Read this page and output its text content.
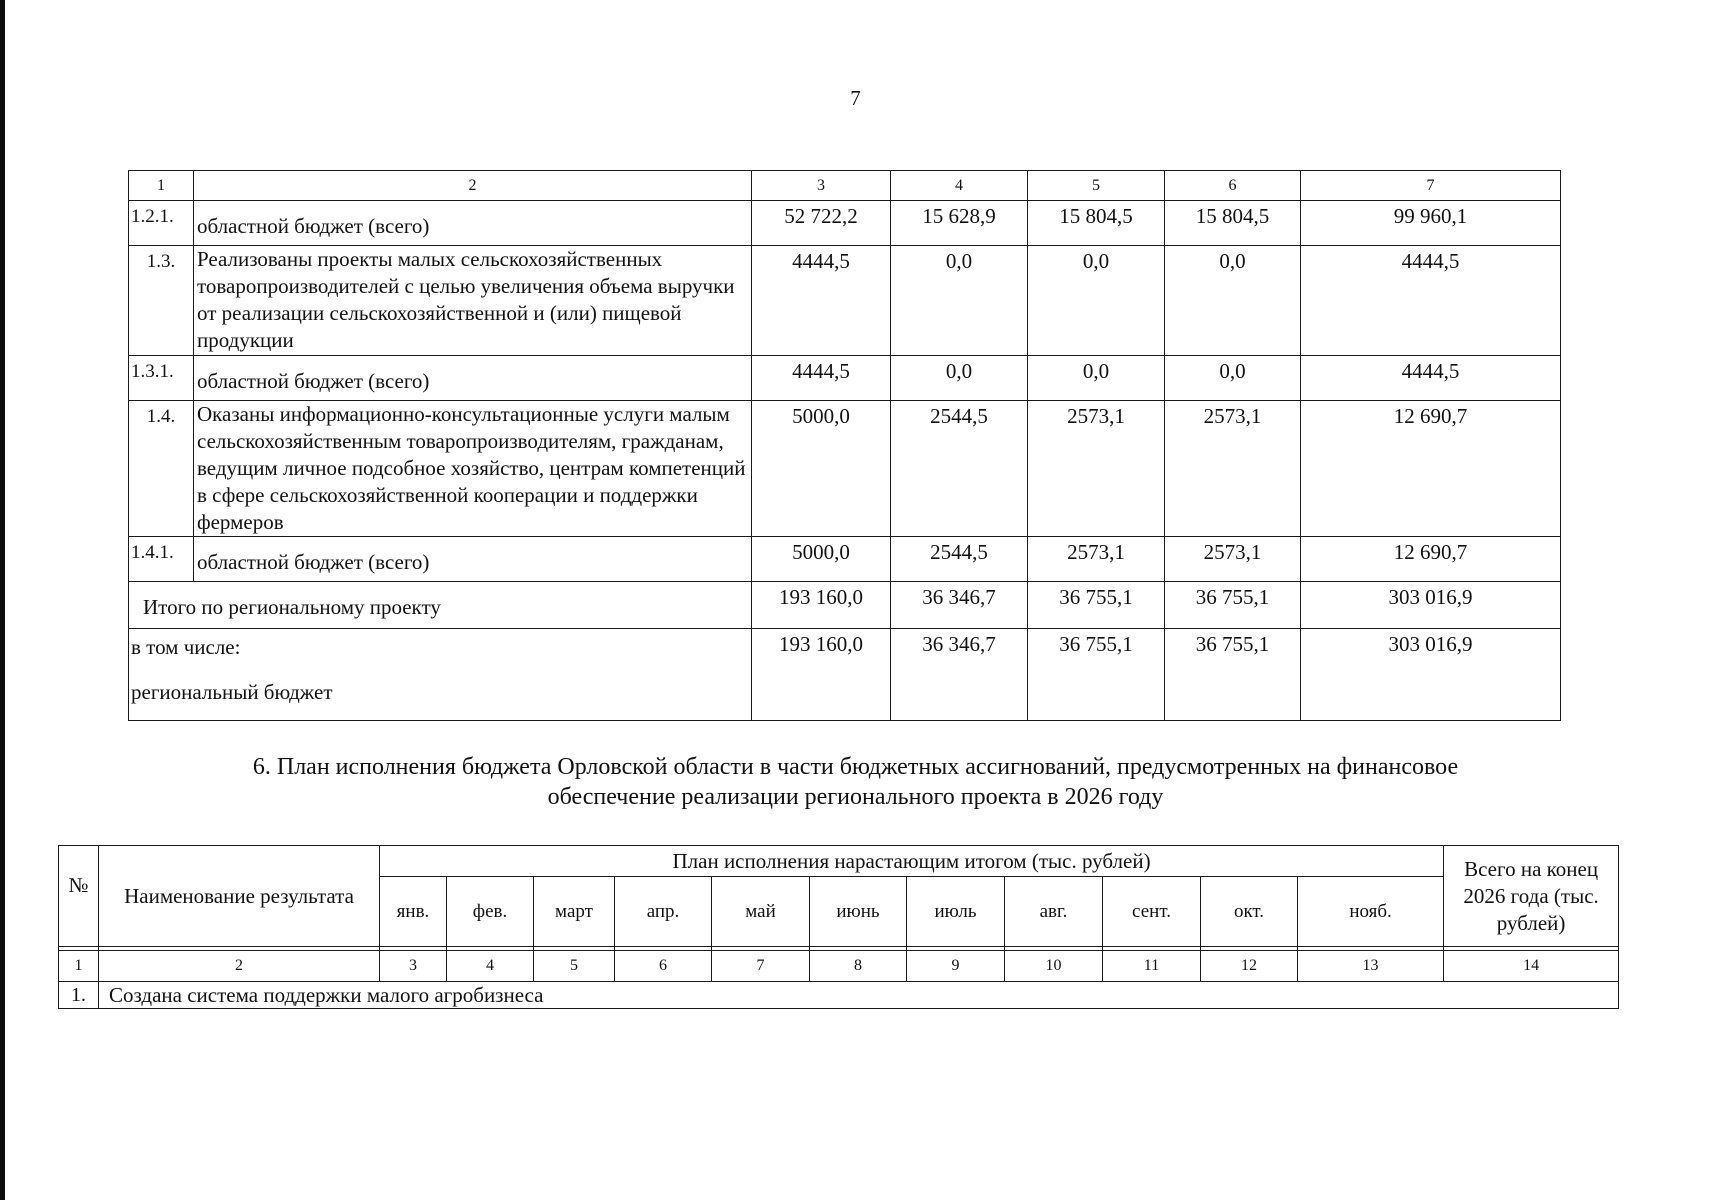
7
1	2	3	4	5	6	7
1.2.1.	областной бюджет (всего)	52 722,2	15 628,9	15 804,5	15 804,5	99 960,1
1.3.	Реализованы проекты малых сельскохозяйственных товаропроизводителей с целью увеличения объема выручки от реализации сельскохозяйственной и (или) пищевой продукции	4444,5	0,0	0,0	0,0	4444,5
1.3.1.	областной бюджет (всего)	4444,5	0,0	0,0	0,0	4444,5
1.4.	Оказаны информационно-консультационные услуги малым сельскохозяйственным товаропроизводителям, гражданам, ведущим личное подсобное хозяйство, центрам компетенций в сфере сельскохозяйственной кооперации и поддержки фермеров	5000,0	2544,5	2573,1	2573,1	12 690,7
1.4.1.	областной бюджет (всего)	5000,0	2544,5	2573,1	2573,1	12 690,7
Итого по региональному проекту		193 160,0	36 346,7	36 755,1	36 755,1	303 016,9

в том числе:
региональный бюджет		193 160,0	36 346,7	36 755,1	36 755,1	303 016,9
6. План исполнения бюджета Орловской области в части бюджетных ассигнований, предусмотренных на финансовое
обеспечение реализации регионального проекта в 2026 году
№	Наименование результата	План исполнения нарастающим итогом (тыс. рублей)											Всего на конец 2026 года (тыс. рублей)
		янв.	фев.	март	апр.	май	июнь	июль	авг.	сент.	окт.	нояб.	

1	2	3	4	5	6	7	8	9	10	11	12	13	14
1.	Создана система поддержки малого агробизнеса												
